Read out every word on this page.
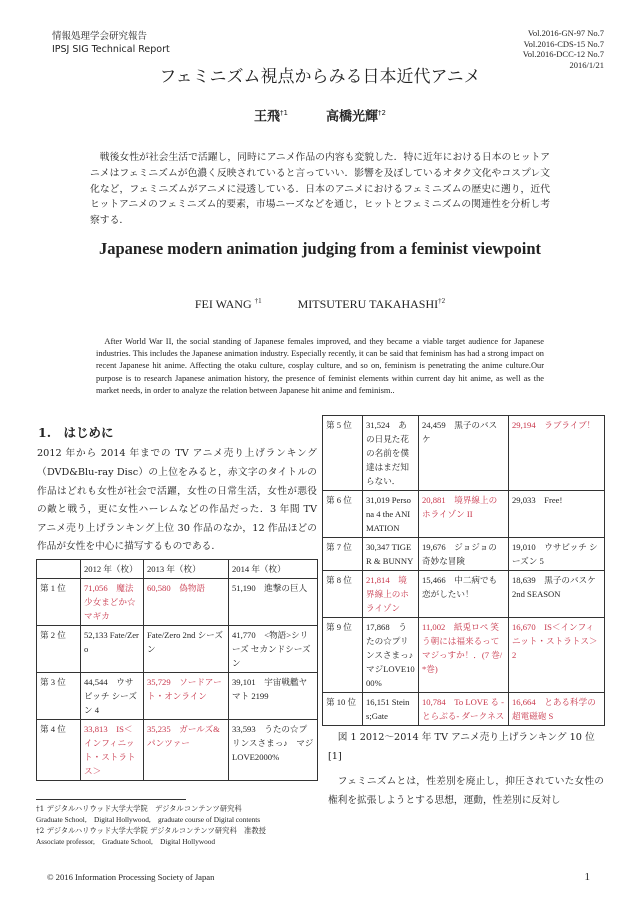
情報処理学会研究報告
IPSJ SIG Technical Report
Vol.2016-GN-97 No.7
Vol.2016-CDS-15 No.7
Vol.2016-DCC-12 No.7
2016/1/21
フェミニズム視点からみる日本近代アニメ
王飛$^{\dagger 1}$	高橋光輝$^{\dagger 2}$
戦後女性が社会生活で活躍し，同時にアニメ作品の内容も変貌した．特に近年における日本のヒットアニメはフェミニズムが色濃く反映されていると言っていい．影響を及ぼしているオタク文化やコスプレ文化など，フェミニズムがアニメに浸透している．日本のアニメにおけるフェミニズムの歴史に遡り，近代ヒットアニメのフェミニズム的要素，市場ニーズなどを通じ，ヒットとフェミニズムの関連性を分析し考察する．
Japanese modern animation judging from a feminist viewpoint
FEI WANG $^{\dagger 1}$	MITSUTERU TAKAHASHI$^{\dagger 2}$
After World War II, the social standing of Japanese females improved, and they became a viable target audience for Japanese industries. This includes the Japanese animation industry. Especially recently, it can be said that feminism has had a strong impact on recent Japanese hit anime. Affecting the otaku culture, cosplay culture, and so on, feminism is penetrating the anime culture.Our purpose is to research Japanese animation history, the presence of feminist elements within current day hit anime, as well as the market needs, in order to analyze the relation between Japanese hit anime and feminism..
1.　はじめに
2012 年から 2014 年までの TV アニメ売り上げランキング（DVD&Blu-ray Disc）の上位をみると，赤文字のタイトルの作品はどれも女性が社会で活躍，女性の日常生活，女性が悪役の敵と戦う，更に女性ハーレムなどの作品だった．3 年間 TV アニメ売り上げランキング上位 30 作品のなか，12 作品ほどの作品が女性を中心に描写するものである．
	2012 年（枚）	2013 年（枚）	2014 年（枚）
第 1 位	71,056　魔法少女まどか☆マギカ	60,580　偽物語	51,190　進撃の巨人
第 2 位	52,133 Fate/Zero	Fate/Zero 2nd シーズン	41,770　<物語>シリーズ セカンドシーズン
第 3 位	44,544　ウサビッチ シーズン 4	35,729　ソードアート・オンライン	39,101　宇宙戦艦ヤマト 2199
第 4 位	33,813　IS＜インフィニット・ストラトス＞	35,235　ガールズ&パンツァー	33,593　うたの☆プリンスさまっ♪　マジLOVE2000%
†1 デジタルハリウッド大学大学院　デジタルコンテンツ研究科
Graduate School,　Digital Hollywood,　graduate course of Digital contents
†2 デジタルハリウッド大学大学院 デジタルコンテンツ研究科　准教授
Associate professor,　Graduate School,　Digital Hollywood
第 5 位	31,524　あの日見た花の名前を僕達はまだ知らない．	24,459　黒子のバスケ	29,194　ラブライブ！
第 6 位	31,019 Persona 4 the ANIMATION	20,881　境界線上のホライゾン II	29,033　Free!
第 7 位	30,347 TIGER & BUNNY	19,676　ジョジョの奇妙な冒険	19,010　ウサビッチ シーズン 5
第 8 位	21,814　境界線上のホライゾン	15,466　中二病でも恋がしたい！	18,639　黒子のバスケ 2nd SEASON
第 9 位	17,868　うたの☆プリンスさまっ♪　マジLOVE1000%	11,002　紙兎ロペ 笑う朝には福来るってマジっすか！．(7 巻/*巻)	16,670　IS＜インフィニット・ストラトス＞2
第 10 位	16,151 Steins;Gate	10,784　To LOVE る -とらぶる- ダークネス	16,664　とある科学の超電磁砲 S
図 1 2012～2014 年 TV アニメ売り上げランキング 10 位 [1]
フェミニズムとは，性差別を廃止し，抑圧されていた女性の権利を拡張しようとする思想，運動，性差別に反対し
© 2016 Information Processing Society of Japan	1
